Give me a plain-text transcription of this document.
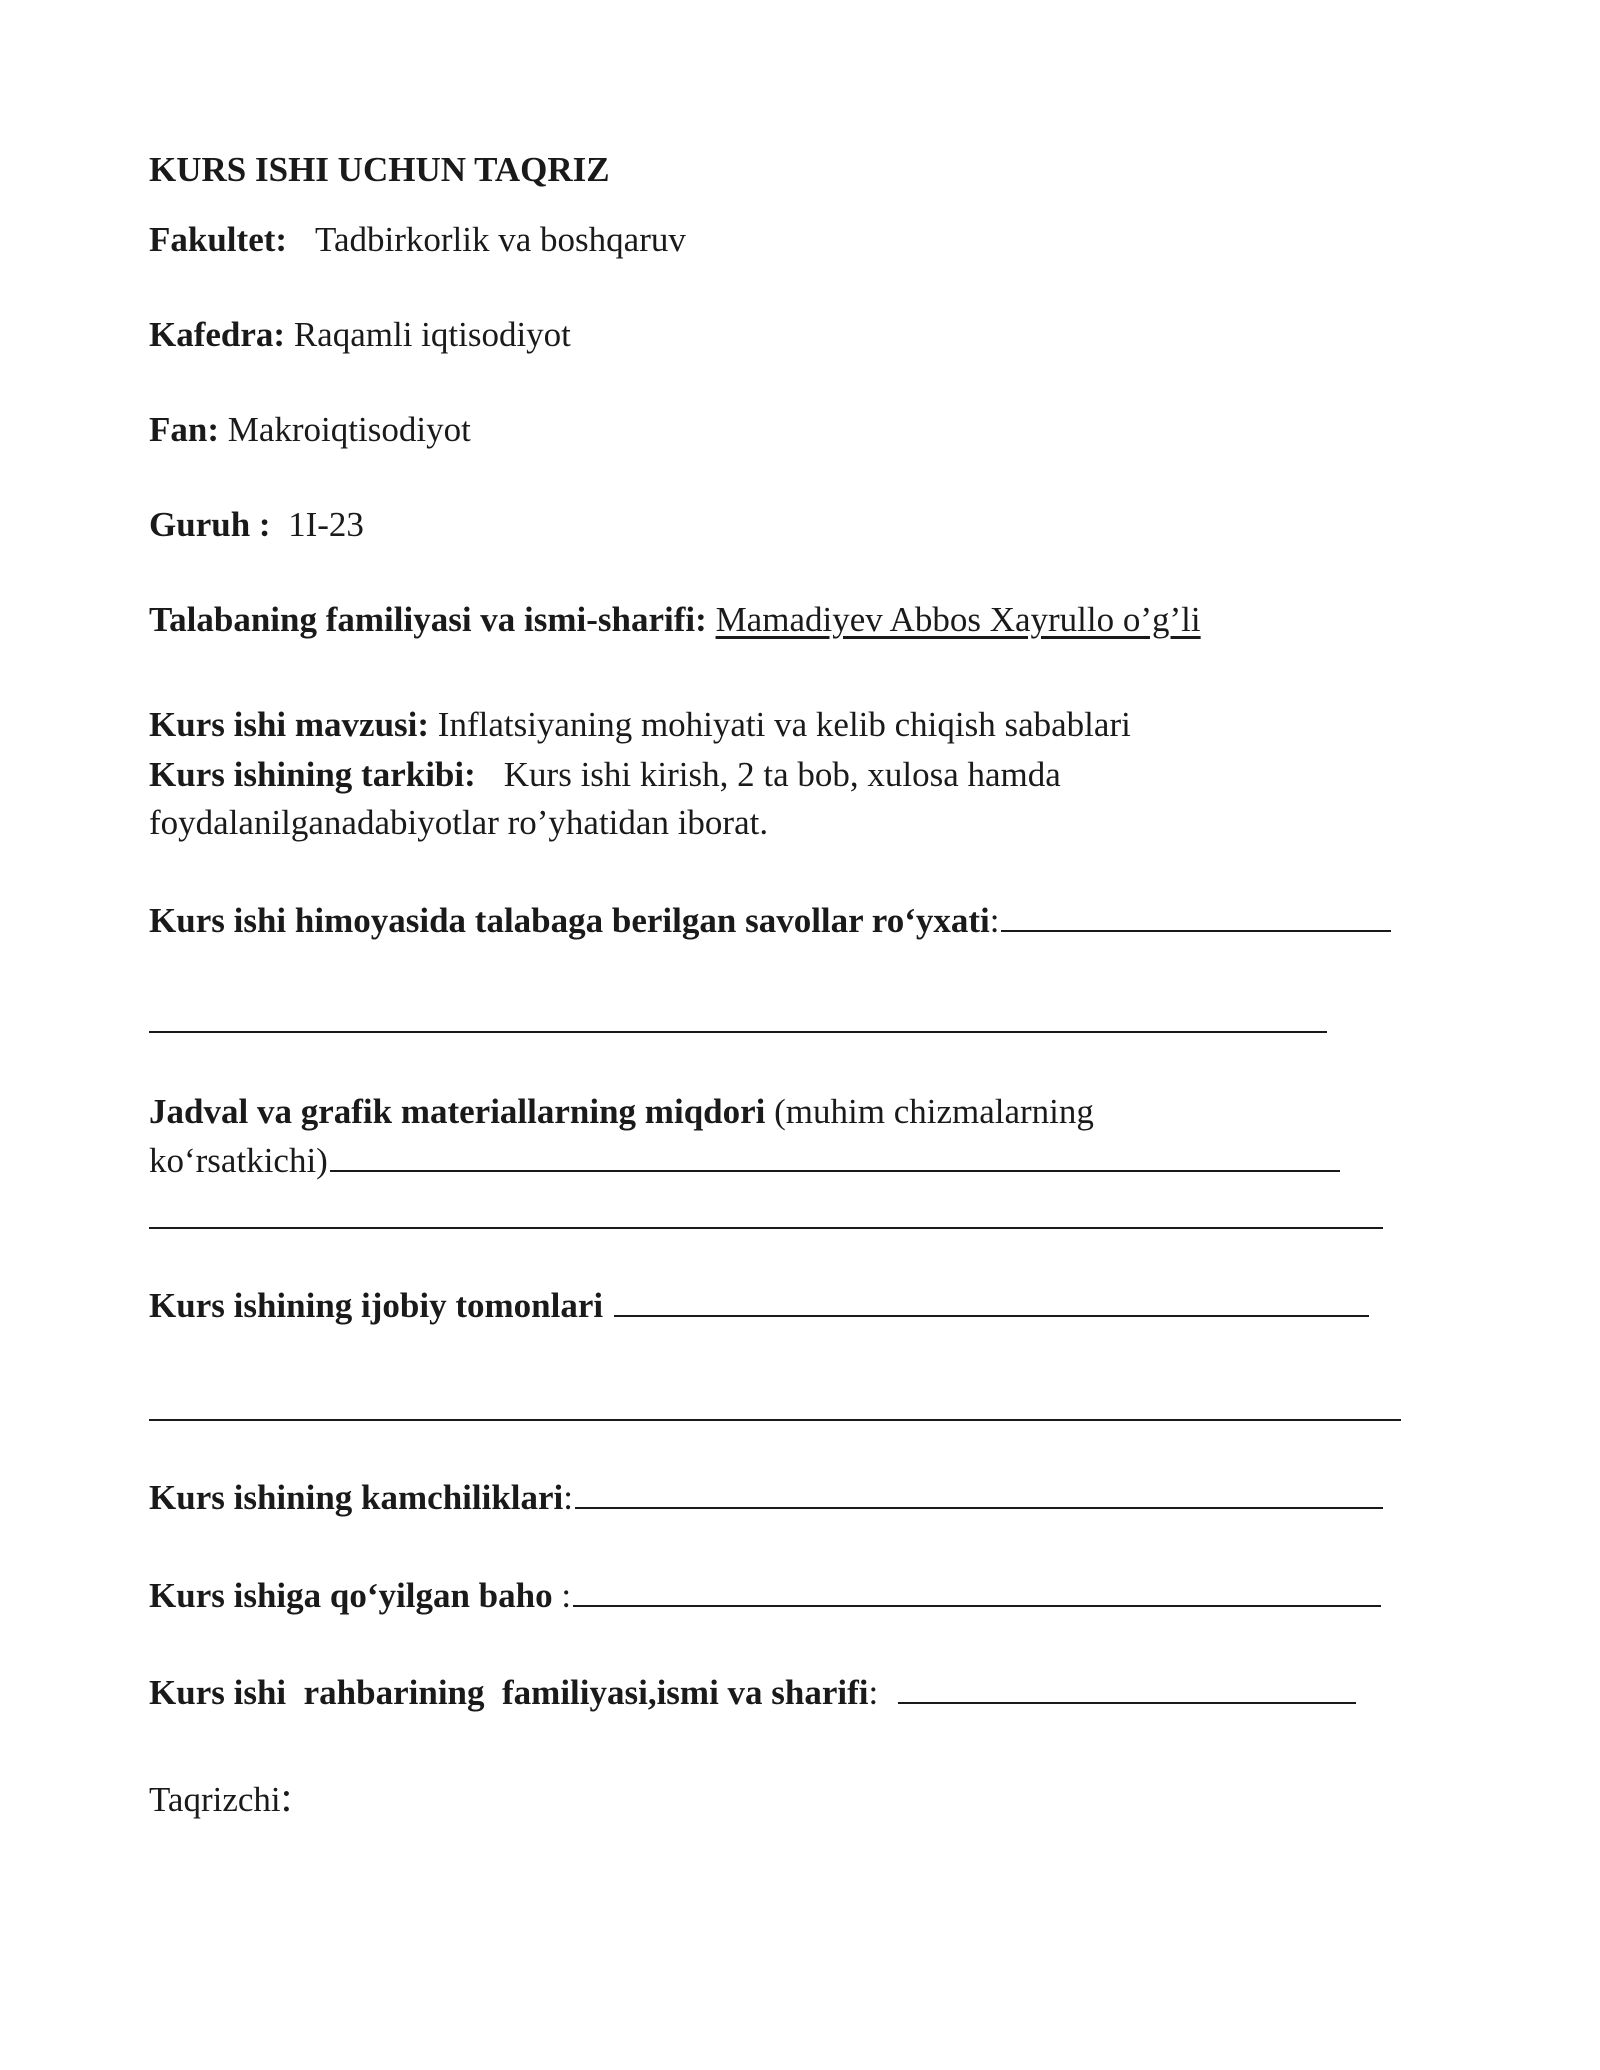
KURS ISHI UCHUN TAQRIZ
Fakultet: Tadbirkorlik va boshqaruv
Kafedra: Raqamli iqtisodiyot
Fan: Makroiqtisodiyot
Guruh : 1I-23
Talabaning familiyasi va ismi-sharifi: Mamadiyev Abbos Xayrullo o’g’li
Kurs ishi mavzusi: Inflatsiyaning mohiyati va kelib chiqish sabablari
Kurs ishining tarkibi: Kurs ishi kirish, 2 ta bob, xulosa hamda
foydalanilganadabiyotlar ro’yhatidan iborat.
Kurs ishi himoyasida talabaga berilgan savollar ro‘yxati:
Jadval va grafik materiallarning miqdori (muhim chizmalarning
ko‘rsatkichi)
Kurs ishining ijobiy tomonlari
Kurs ishining kamchiliklari:
Kurs ishiga qo‘yilgan baho :
Kurs ishi  rahbarining  familiyasi,ismi va sharifi:
Taqrizchi:
